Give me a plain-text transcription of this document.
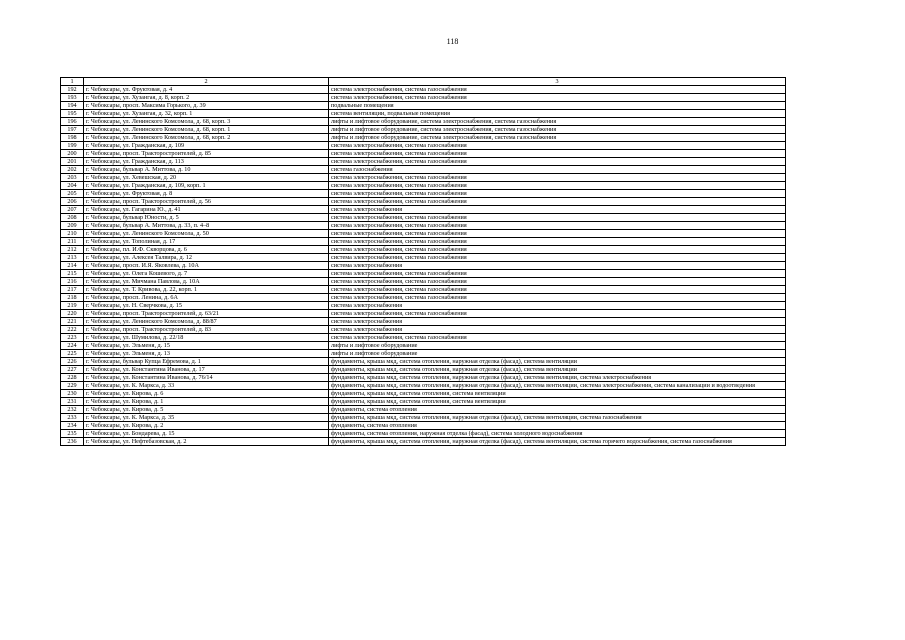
118
1	2	3
192	г. Чебоксары, ул. Фруктовая, д. 4	система электроснабжения, система газоснабжения
193	г. Чебоксары, ул. Хузангая, д. 8, корп. 2	система электроснабжения, система газоснабжения
194	г. Чебоксары, просп. Максима Горького, д. 39	подвальные помещения
195	г. Чебоксары, ул. Хузангая, д. 32, корп. 1	система вентиляции, подвальные помещения
196	г. Чебоксары, ул. Ленинского Комсомола, д. 68, корп. 3	лифты и лифтовое оборудование, система электроснабжения, система газоснабжения
197	г. Чебоксары, ул. Ленинского Комсомола, д. 68, корп. 1	лифты и лифтовое оборудование, система электроснабжения, система газоснабжения
198	г. Чебоксары, ул. Ленинского Комсомола, д. 68, корп. 2	лифты и лифтовое оборудование, система электроснабжения, система газоснабжения
199	г. Чебоксары, ул. Гражданская, д. 109	система электроснабжения, система газоснабжения
200	г. Чебоксары, просп. Тракторостроителей, д. 85	система электроснабжения, система газоснабжения
201	г. Чебоксары, ул. Гражданская, д. 113	система электроснабжения, система газоснабжения
202	г. Чебоксары, бульвар А. Миттова, д. 10	система газоснабжения
203	г. Чебоксары, ул. Хевешская, д. 20	система электроснабжения, система газоснабжения
204	г. Чебоксары, ул. Гражданская, д. 109, корп. 1	система электроснабжения, система газоснабжения
205	г. Чебоксары, ул. Фруктовая, д. 8	система электроснабжения, система газоснабжения
206	г. Чебоксары, просп. Тракторостроителей, д. 56	система электроснабжения, система газоснабжения
207	г. Чебоксары, ул. Гагарина Ю., д. 41	система электроснабжения
208	г. Чебоксары, бульвар Юности, д. 5	система электроснабжения, система газоснабжения
209	г. Чебоксары, бульвар А. Миттова, д. 33, п. 4–8	система электроснабжения, система газоснабжения
210	г. Чебоксары, ул. Ленинского Комсомола, д. 50	система электроснабжения, система газоснабжения
211	г. Чебоксары, ул. Тополиная, д. 17	система электроснабжения, система газоснабжения
212	г. Чебоксары, пл. И.Ф. Скворцова, д. 6	система электроснабжения, система газоснабжения
213	г. Чебоксары, ул. Алексея Талвира, д. 12	система электроснабжения, система газоснабжения
214	г. Чебоксары, просп. И.Я. Яковлева, д. 10А	система электроснабжения
215	г. Чебоксары, ул. Олега Кошевого, д. 7	система электроснабжения, система газоснабжения
216	г. Чебоксары, ул. Мичмана Павлова, д. 10А	система электроснабжения, система газоснабжения
217	г. Чебоксары, ул. Т. Кривова, д. 22, корп. 1	система электроснабжения, система газоснабжения
218	г. Чебоксары, просп. Ленина, д. 6А	система электроснабжения, система газоснабжения
219	г. Чебоксары, ул. Н. Сверчкова, д. 15	система электроснабжения
220	г. Чебоксары, просп. Тракторостроителей, д. 63/21	система электроснабжения, система газоснабжения
221	г. Чебоксары, ул. Ленинского Комсомола, д. 88/87	система электроснабжения
222	г. Чебоксары, просп. Тракторостроителей, д. 83	система электроснабжения
223	г. Чебоксары, ул. Шумилова, д. 22/18	система электроснабжения, система газоснабжения
224	г. Чебоксары, ул. Эльменя, д. 15	лифты и лифтовое оборудование
225	г. Чебоксары, ул. Эльменя, д. 13	лифты и лифтовое оборудование
226	г. Чебоксары, бульвар Купца Ефремова, д. 1	фундаменты, крыша мкд, система отопления, наружная отделка (фасад), система вентиляции
227	г. Чебоксары, ул. Константина Иванова, д. 17	фундаменты, крыша мкд, система отопления, наружная отделка (фасад), система вентиляции
228	г. Чебоксары, ул. Константина Иванова, д. 76/14	фундаменты, крыша мкд, система отопления, наружная отделка (фасад), система вентиляции, система электроснабжения
229	г. Чебоксары, ул. К. Маркса, д. 33	фундаменты, крыша мкд, система отопления, наружная отделка (фасад), система вентиляции, система электроснабжения, система канализации и водоотведения
230	г. Чебоксары, ул. Кирова, д. 6	фундаменты, крыша мкд, система отопления, система вентиляции
231	г. Чебоксары, ул. Кирова, д. 1	фундаменты, крыша мкд, система отопления, система вентиляции
232	г. Чебоксары, ул. Кирова, д. 5	фундаменты, система отопления
233	г. Чебоксары, ул. К. Маркса, д. 35	фундаменты, крыша мкд, система отопления, наружная отделка (фасад), система вентиляции, система газоснабжения
234	г. Чебоксары, ул. Кирова, д. 2	фундаменты, система отопления
235	г. Чебоксары, ул. Бондарева, д. 15	фундаменты, система отопления, наружная отделка (фасад), система холодного водоснабжения
236	г. Чебоксары, ул. Нефтебазовская, д. 2	фундаменты, крыша мкд, система отопления, наружная отделка (фасад), система вентиляции, система горячего водоснабжения, система газоснабжения
